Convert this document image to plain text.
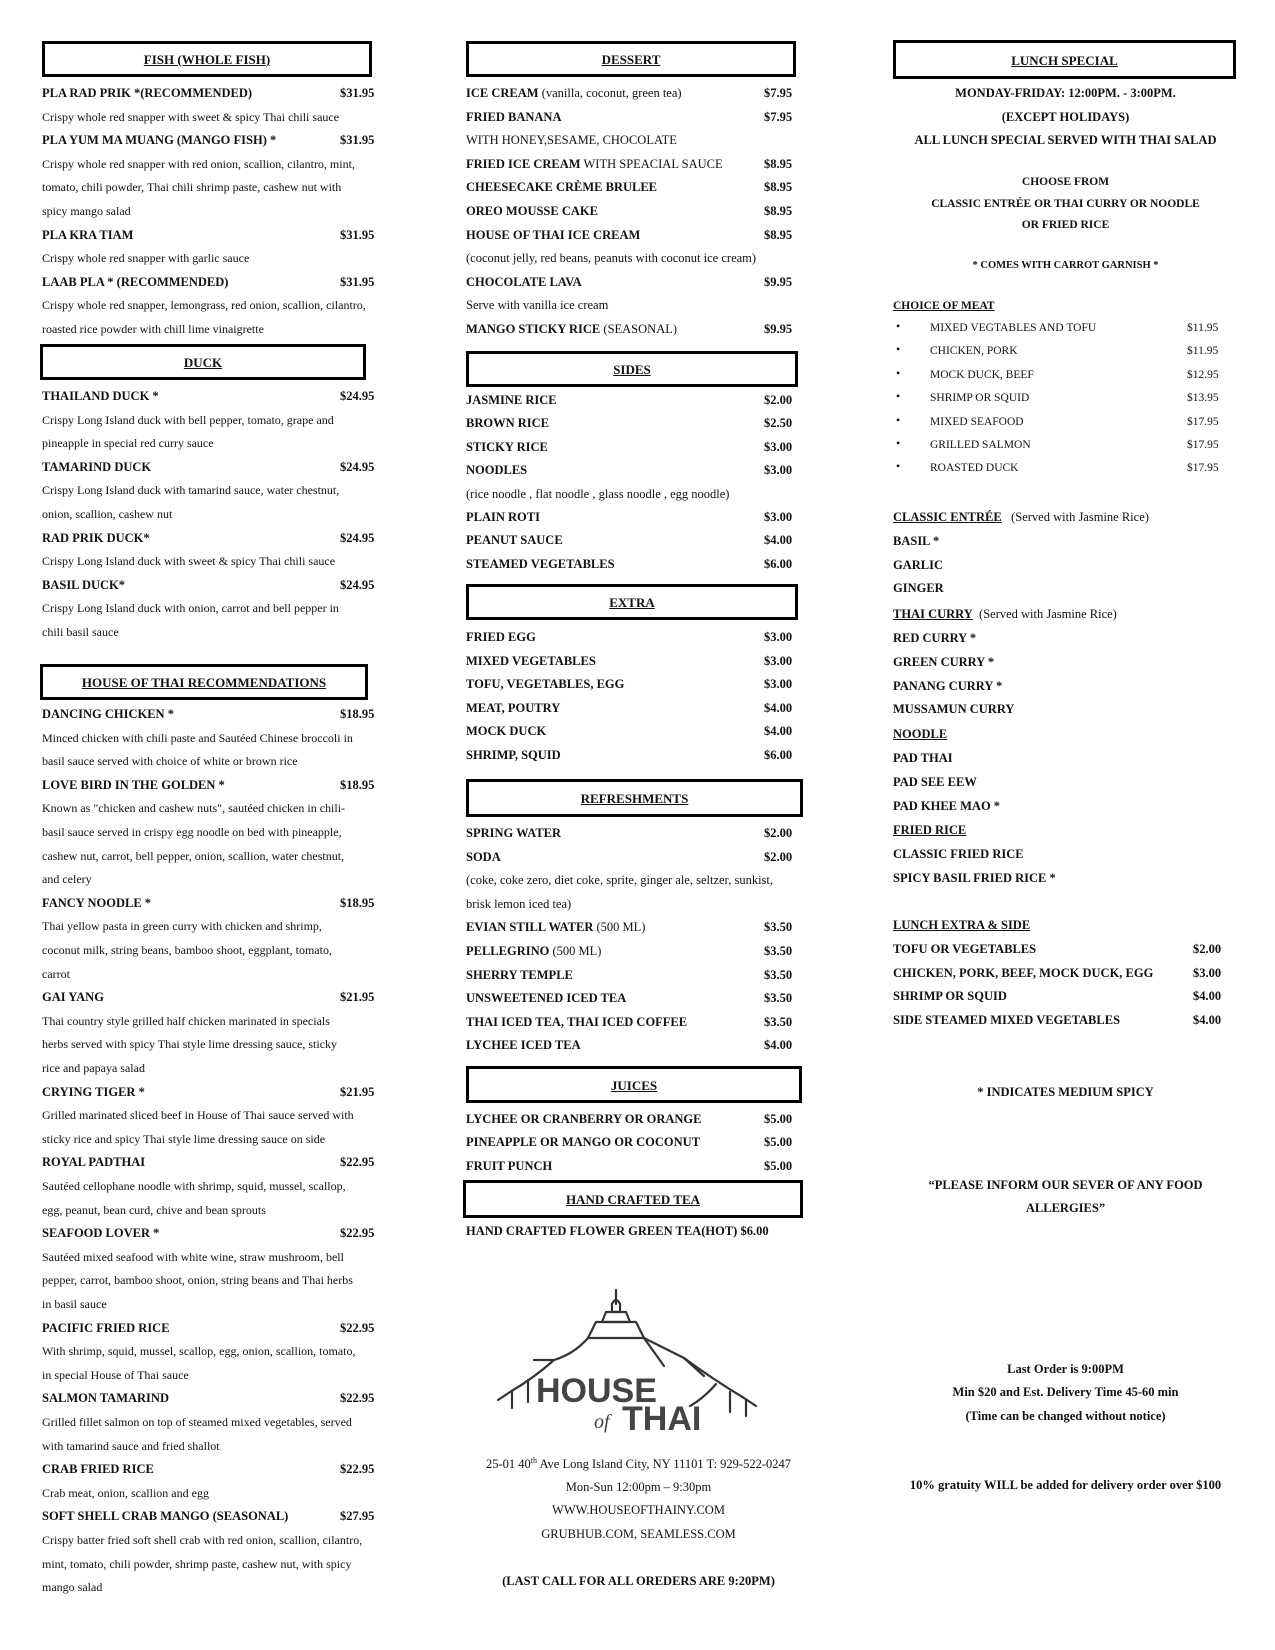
FISH (WHOLE FISH)
PLA RAD PRIK *(RECOMMENDED)	$31.95
Crispy whole red snapper with sweet & spicy Thai chili sauce
PLA YUM MA MUANG (MANGO FISH) *	$31.95
Crispy whole red snapper with red onion, scallion, cilantro, mint,
tomato, chili powder, Thai chili shrimp paste, cashew nut with
spicy mango salad
PLA KRA TIAM	$31.95
Crispy whole red snapper with garlic sauce
LAAB PLA * (RECOMMENDED)	$31.95
Crispy whole red snapper, lemongrass, red onion, scallion, cilantro,
roasted rice powder with chill lime vinaigrette
DUCK
THAILAND DUCK *	$24.95
Crispy Long Island duck with bell pepper, tomato, grape and
pineapple in special red curry sauce
TAMARIND DUCK	$24.95
Crispy Long Island duck with tamarind sauce, water chestnut,
onion, scallion, cashew nut
RAD PRIK DUCK*	$24.95
Crispy Long Island duck with sweet & spicy Thai chili sauce
BASIL DUCK*	$24.95
Crispy Long Island duck with onion, carrot and bell pepper in
chili basil sauce
HOUSE OF THAI RECOMMENDATIONS
DANCING CHICKEN *	$18.95
Minced chicken with chili paste and Sautéed Chinese broccoli in
basil sauce served with choice of white or brown rice
LOVE BIRD IN THE GOLDEN *	$18.95
Known as "chicken and cashew nuts", sautéed chicken in chili-
basil sauce served in crispy egg noodle on bed with pineapple,
cashew nut, carrot, bell pepper, onion, scallion, water chestnut,
and celery
FANCY NOODLE *	$18.95
Thai yellow pasta in green curry with chicken and shrimp,
coconut milk, string beans, bamboo shoot, eggplant, tomato,
carrot
GAI YANG	$21.95
Thai country style grilled half chicken marinated in specials
herbs served with spicy Thai style lime dressing sauce, sticky
rice and papaya salad
CRYING TIGER *	$21.95
Grilled marinated sliced beef in House of Thai sauce served with
sticky rice and spicy Thai style lime dressing sauce on side
ROYAL PADTHAI	$22.95
Sautéed cellophane noodle with shrimp, squid, mussel, scallop,
egg, peanut, bean curd, chive and bean sprouts
SEAFOOD LOVER *	$22.95
Sautéed mixed seafood with white wine, straw mushroom, bell
pepper, carrot, bamboo shoot, onion, string beans and Thai herbs
in basil sauce
PACIFIC FRIED RICE	$22.95
With shrimp, squid, mussel, scallop, egg, onion, scallion, tomato,
in special House of Thai sauce
SALMON TAMARIND	$22.95
Grilled fillet salmon on top of steamed mixed vegetables, served
with tamarind sauce and fried shallot
CRAB FRIED RICE	$22.95
Crab meat, onion, scallion and egg
SOFT SHELL CRAB MANGO (SEASONAL)	$27.95
Crispy batter fried soft shell crab with red onion, scallion, cilantro,
mint, tomato, chili powder, shrimp paste, cashew nut, with spicy
mango salad
DESSERT
ICE CREAM (vanilla, coconut, green tea)	$7.95
FRIED BANANA	$7.95
WITH HONEY,SESAME, CHOCOLATE
FRIED ICE CREAM WITH SPEACIAL SAUCE	$8.95
CHEESECAKE CRÈME BRULEE	$8.95
OREO MOUSSE CAKE	$8.95
HOUSE OF THAI ICE CREAM	$8.95
(coconut jelly, red beans, peanuts with coconut ice cream)
CHOCOLATE LAVA	$9.95
Serve with vanilla ice cream
MANGO STICKY RICE (SEASONAL)	$9.95
SIDES
JASMINE RICE	$2.00
BROWN RICE	$2.50
STICKY RICE	$3.00
NOODLES	$3.00
(rice noodle , flat noodle , glass noodle , egg noodle)
PLAIN ROTI	$3.00
PEANUT SAUCE	$4.00
STEAMED VEGETABLES	$6.00
EXTRA
FRIED EGG	$3.00
MIXED VEGETABLES	$3.00
TOFU, VEGETABLES, EGG	$3.00
MEAT, POUTRY	$4.00
MOCK DUCK	$4.00
SHRIMP, SQUID	$6.00
REFRESHMENTS
SPRING WATER	$2.00
SODA	$2.00
(coke, coke zero, diet coke, sprite, ginger ale, seltzer, sunkist,
brisk lemon iced tea)
EVIAN STILL WATER (500 ML)	$3.50
PELLEGRINO (500 ML)	$3.50
SHERRY TEMPLE	$3.50
UNSWEETENED ICED TEA	$3.50
THAI ICED TEA, THAI ICED COFFEE	$3.50
LYCHEE ICED TEA	$4.00
JUICES
LYCHEE OR CRANBERRY OR ORANGE	$5.00
PINEAPPLE OR MANGO OR COCONUT	$5.00
FRUIT PUNCH	$5.00
HAND CRAFTED TEA
HAND CRAFTED FLOWER GREEN TEA(HOT) $6.00
HOUSE
of THAI
25-01 40th Ave Long Island City, NY 11101 T: 929-522-0247
Mon-Sun 12:00pm – 9:30pm
WWW.HOUSEOFTHAINY.COM
GRUBHUB.COM, SEAMLESS.COM
(LAST CALL FOR ALL OREDERS ARE 9:20PM)
LUNCH SPECIAL
MONDAY-FRIDAY: 12:00PM. - 3:00PM.
(EXCEPT HOLIDAYS)
ALL LUNCH SPECIAL SERVED WITH THAI SALAD
CHOOSE FROM
CLASSIC ENTRÉE OR THAI CURRY OR NOODLE
OR FRIED RICE
* COMES WITH CARROT GARNISH *
CHOICE OF MEAT
•	MIXED VEGTABLES AND TOFU	$11.95
•	CHICKEN, PORK	$11.95
•	MOCK DUCK, BEEF	$12.95
•	SHRIMP OR SQUID	$13.95
•	MIXED SEAFOOD	$17.95
•	GRILLED SALMON	$17.95
•	ROASTED DUCK	$17.95
CLASSIC ENTRÉE (Served with Jasmine Rice)
BASIL *
GARLIC
GINGER
THAI CURRY (Served with Jasmine Rice)
RED CURRY *
GREEN CURRY *
PANANG CURRY *
MUSSAMUN CURRY
NOODLE
PAD THAI
PAD SEE EEW
PAD KHEE MAO *
FRIED RICE
CLASSIC FRIED RICE
SPICY BASIL FRIED RICE *
LUNCH EXTRA & SIDE
TOFU OR VEGETABLES	$2.00
CHICKEN, PORK, BEEF, MOCK DUCK, EGG	$3.00
SHRIMP OR SQUID	$4.00
SIDE STEAMED MIXED VEGETABLES	$4.00
* INDICATES MEDIUM SPICY
“PLEASE INFORM OUR SEVER OF ANY FOOD
ALLERGIES”
Last Order is 9:00PM
Min $20 and Est. Delivery Time 45-60 min
(Time can be changed without notice)
10% gratuity WILL be added for delivery order over $100
